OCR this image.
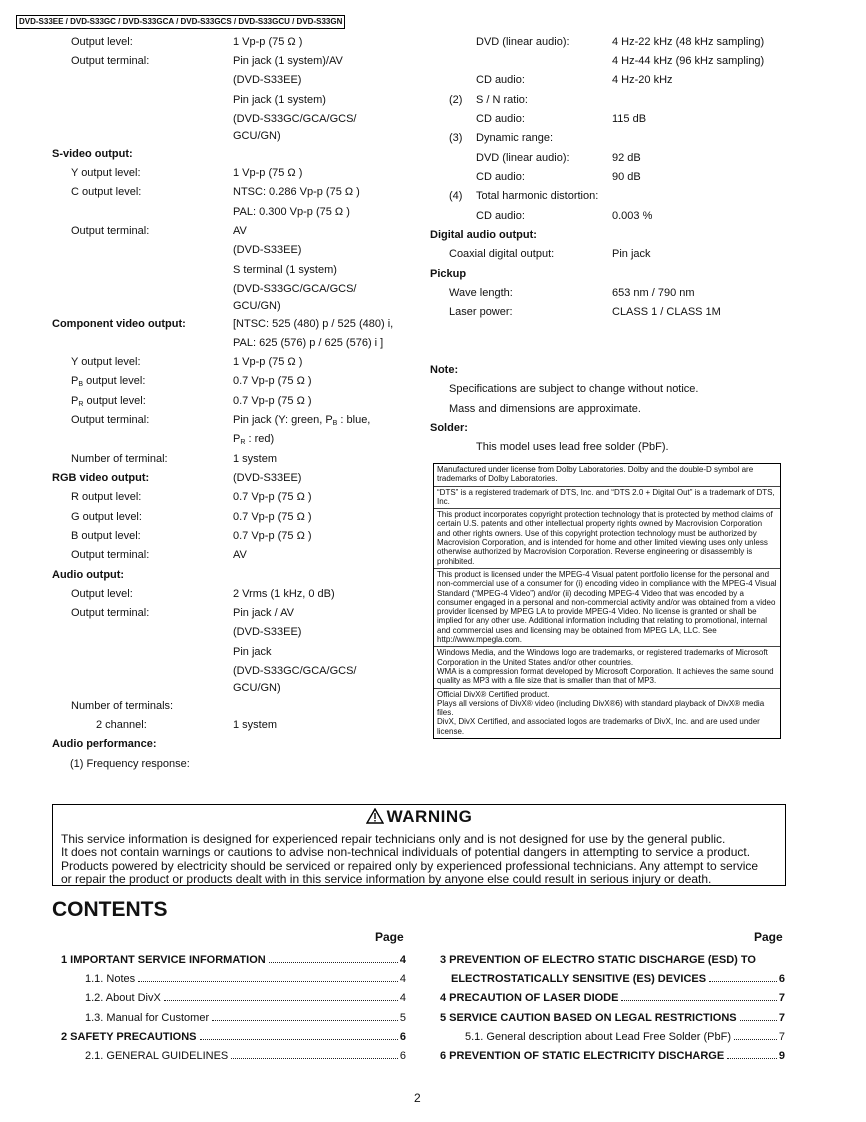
DVD-S33EE / DVD-S33GC / DVD-S33GCA / DVD-S33GCS / DVD-S33GCU / DVD-S33GN
Output level:	1 Vp-p (75 Ω )
Output terminal:	Pin jack (1 system)/AV
(DVD-S33EE)
Pin jack (1 system)
(DVD-S33GC/GCA/GCS/
GCU/GN)
S-video output:
Y output level:	1 Vp-p (75 Ω )
C output level:	NTSC: 0.286 Vp-p (75 Ω )
PAL: 0.300 Vp-p (75 Ω )
Output terminal:	AV
(DVD-S33EE)
S terminal (1 system)
(DVD-S33GC/GCA/GCS/
GCU/GN)
Component video output:	[NTSC: 525 (480) p / 525 (480) i,
PAL: 625 (576) p / 625 (576) i ]
Y output level:	1 Vp-p (75 Ω )
$P_B$ output level:	0.7 Vp-p (75 Ω )
$P_R$ output level:	0.7 Vp-p (75 Ω )
Output terminal:	Pin jack (Y: green, $P_B$ : blue,
$P_R$ : red)
Number of terminal:	1 system
RGB video output:	(DVD-S33EE)
R output level:	0.7 Vp-p (75 Ω )
G output level:	0.7 Vp-p (75 Ω )
B output level:	0.7 Vp-p (75 Ω )
Output terminal:	AV
Audio output:
Output level:	2 Vrms (1 kHz, 0 dB)
Output terminal:	Pin jack / AV
(DVD-S33EE)
Pin jack
(DVD-S33GC/GCA/GCS/
GCU/GN)
Number of terminals:
2 channel:	1 system
Audio performance:
(1) Frequency response:
DVD (linear audio):	4 Hz-22 kHz (48 kHz sampling)
4 Hz-44 kHz (96 kHz sampling)
CD audio:	4 Hz-20 kHz
(2) S / N ratio:
CD audio:	115 dB
(3) Dynamic range:
DVD (linear audio):	92 dB
CD audio:	90 dB
(4) Total harmonic distortion:
CD audio:	0.003 %
Digital audio output:
Coaxial digital output:	Pin jack
Pickup
Wave length:	653 nm / 790 nm
Laser power:	CLASS 1 / CLASS 1M
Note:
Specifications are subject to change without notice.
Mass and dimensions are approximate.
Solder:
This model uses lead free solder (PbF).
Manufactured under license from Dolby Laboratories. Dolby and the double-D symbol are trademarks of Dolby Laboratories.
“DTS” is a registered trademark of DTS, Inc. and “DTS 2.0 + Digital Out” is a trademark of DTS, Inc.
This product incorporates copyright protection technology that is protected by method claims of certain U.S. patents and other intellectual property rights owned by Macrovision Corporation and other rights owners. Use of this copyright protection technology must be authorized by Macrovision Corporation, and is intended for home and other limited viewing uses only unless otherwise authorized by Macrovision Corporation. Reverse engineering or disassembly is prohibited.
This product is licensed under the MPEG-4 Visual patent portfolio license for the personal and non-commercial use of a consumer for (i) encoding video in compliance with the MPEG-4 Visual Standard (“MPEG-4 Video”) and/or (ii) decoding MPEG-4 Video that was encoded by a consumer engaged in a personal and non-commercial activity and/or was obtained from a video provider licensed by MPEG LA to provide MPEG-4 Video. No license is granted or shall be implied for any other use. Additional information including that relating to promotional, internal and commercial uses and licensing may be obtained from MPEG LA, LLC. See http://www.mpegla.com.
Windows Media, and the Windows logo are trademarks, or registered trademarks of Microsoft Corporation in the United States and/or other countries.
WMA is a compression format developed by Microsoft Corporation. It achieves the same sound quality as MP3 with a file size that is smaller than that of MP3.
Official DivX® Certified product.
Plays all versions of DivX® video (including DivX®6) with standard playback of DivX® media files.
DivX, DivX Certified, and associated logos are trademarks of DivX, Inc. and are used under license.
WARNING
This service information is designed for experienced repair technicians only and is not designed for use by the general public.
It does not contain warnings or cautions to advise non-technical individuals of potential dangers in attempting to service a product.
Products powered by electricity should be serviced or repaired only by experienced professional technicians. Any attempt to service
or repair the product or products dealt with in this service information by anyone else could result in serious injury or death.
CONTENTS
Page	Page
1 IMPORTANT SERVICE INFORMATION	4
1.1. Notes	4
1.2. About DivX	4
1.3. Manual for Customer	5
2 SAFETY PRECAUTIONS	6
2.1. GENERAL GUIDELINES	6
3 PREVENTION OF ELECTRO STATIC DISCHARGE (ESD) TO
ELECTROSTATICALLY SENSITIVE (ES) DEVICES	6
4 PRECAUTION OF LASER DIODE	7
5 SERVICE CAUTION BASED ON LEGAL RESTRICTIONS	7
5.1. General description about Lead Free Solder (PbF)	7
6 PREVENTION OF STATIC ELECTRICITY DISCHARGE	9
2
